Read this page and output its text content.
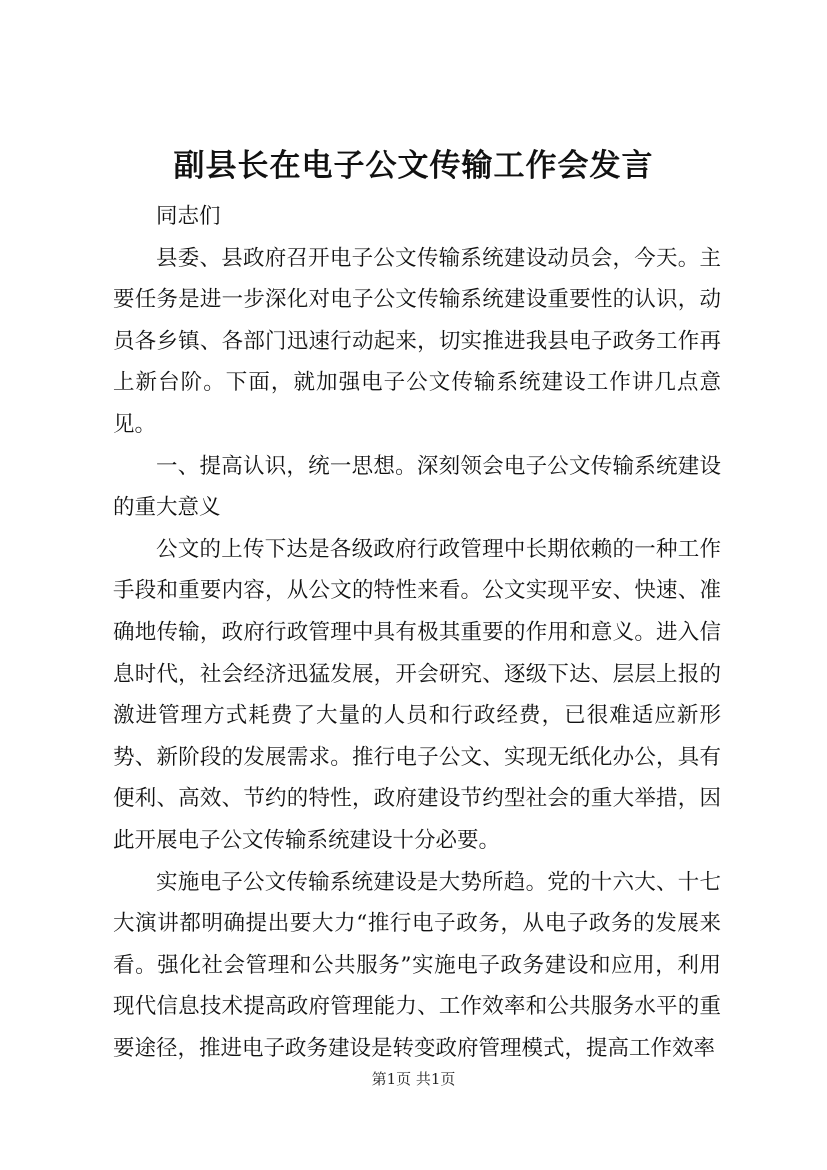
副县长在电子公文传输工作会发言

同志们

县委、县政府召开电子公文传输系统建设动员会，今天。主要任务是进一步深化对电子公文传输系统建设重要性的认识，动员各乡镇、各部门迅速行动起来，切实推进我县电子政务工作再上新台阶。下面，就加强电子公文传输系统建设工作讲几点意见。

一、提高认识，统一思想。深刻领会电子公文传输系统建设的重大意义

公文的上传下达是各级政府行政管理中长期依赖的一种工作手段和重要内容，从公文的特性来看。公文实现平安、快速、准确地传输，政府行政管理中具有极其重要的作用和意义。进入信息时代，社会经济迅猛发展，开会研究、逐级下达、层层上报的激进管理方式耗费了大量的人员和行政经费，已很难适应新形势、新阶段的发展需求。推行电子公文、实现无纸化办公，具有便利、高效、节约的特性，政府建设节约型社会的重大举措，因此开展电子公文传输系统建设十分必要。

实施电子公文传输系统建设是大势所趋。党的十六大、十七大演讲都明确提出要大力“推行电子政务，从电子政务的发展来看。强化社会管理和公共服务”实施电子政务建设和应用，利用现代信息技术提高政府管理能力、工作效率和公共服务水平的重要途径，推进电子政务建设是转变政府管理模式，提高工作效率

第1页 共1页
